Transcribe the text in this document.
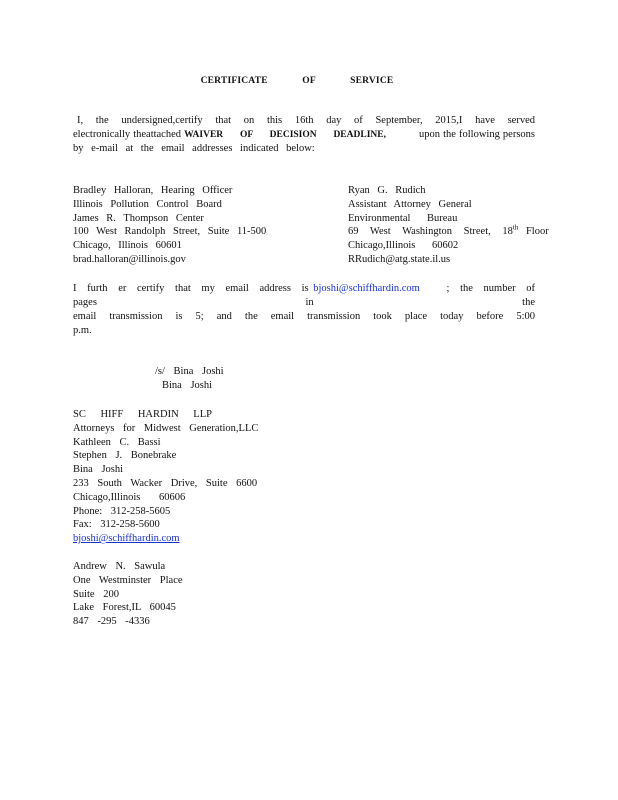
CERTIFICATE OF SERVICE
I, the undersigned,certify that on this 16th day of September, 2015,I have served
electronically theattached WAIVER OF DECISION DEADLINE,	upon the following persons
by e-mail at the email addresses indicated below:
Bradley Halloran, Hearing Officer
Illinois Pollution Control Board
James R. Thompson Center
100 West Randolph Street, Suite 11-500
Chicago, Illinois 60601
brad.halloran@illinois.gov
Ryan G. Rudich
Assistant Attorney General
Environmental Bureau
69 West Washington Street, 18th Floor
Chicago,Illinois 60602
RRudich@atg.state.il.us
I furth er certify that my email address is bjoshi@schiffhardin.com	; the number of pages in the
email transmission is 5; and the email transmission took place today before 5:00 p.m.
/s/ Bina Joshi
Bina Joshi
SC HIFF HARDIN LLP
Attorneys for Midwest Generation,LLC
Kathleen C. Bassi
Stephen J. Bonebrake
Bina Joshi
233 South Wacker Drive, Suite 6600
Chicago,Illinois 60606
Phone: 312-258-5605
Fax: 312-258-5600
bjoshi@schiffhardin.com
Andrew N. Sawula
One Westminster Place
Suite 200
Lake Forest,IL 60045
847 -295 -4336
